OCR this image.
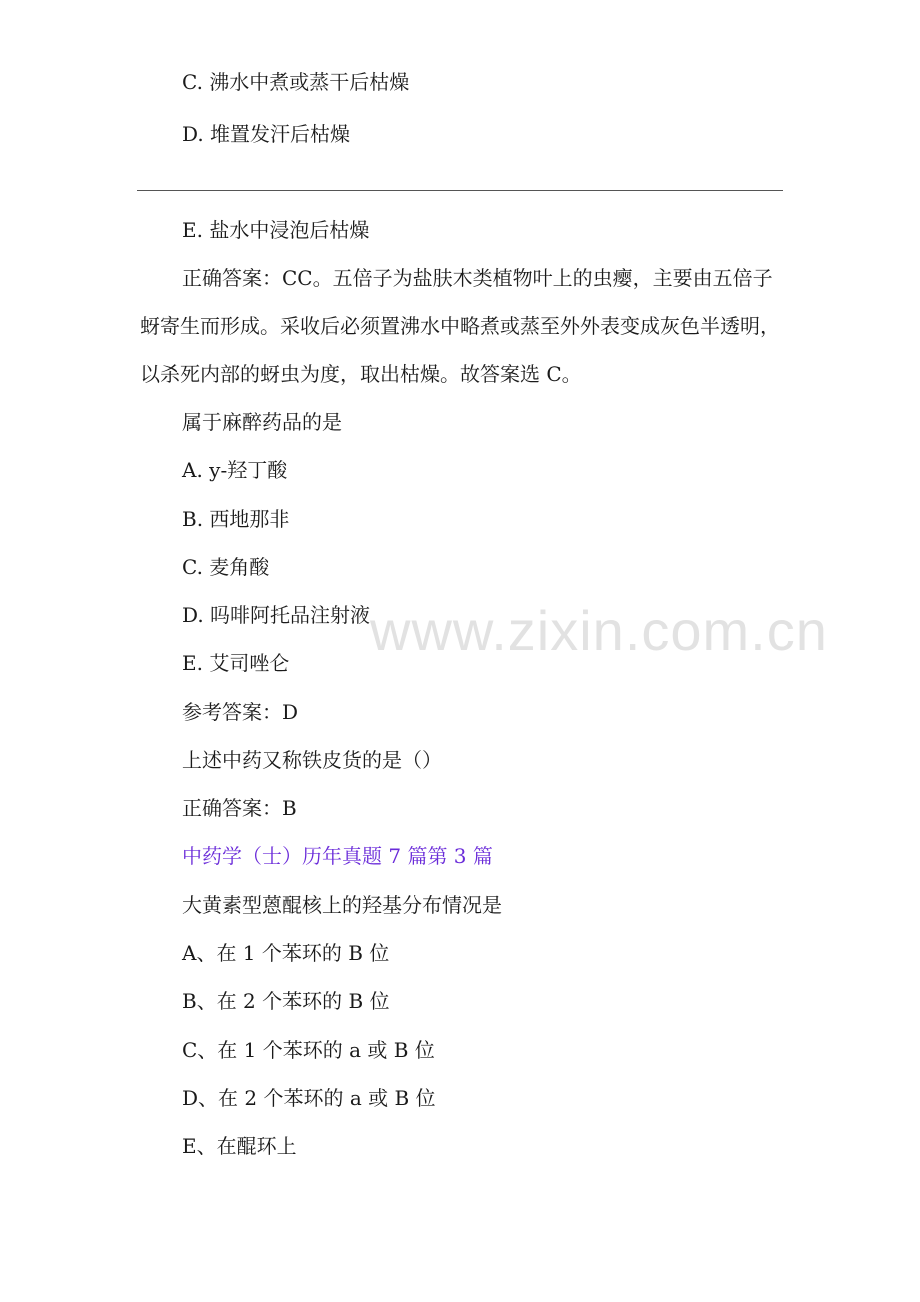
C. 沸水中煮或蒸干后枯燥
D. 堆置发汗后枯燥
E. 盐水中浸泡后枯燥
正确答案：CC。五倍子为盐肤木类植物叶上的虫瘿，主要由五倍子蚜寄生而形成。采收后必须置沸水中略煮或蒸至外外表变成灰色半透明，以杀死内部的蚜虫为度，取出枯燥。故答案选 C。
属于麻醉药品的是
A. y-羟丁酸
B. 西地那非
C. 麦角酸
D. 吗啡阿托品注射液
E. 艾司唑仑
参考答案：D
上述中药又称铁皮货的是（）
正确答案：B
中药学（士）历年真题 7 篇第 3 篇
大黄素型蒽醌核上的羟基分布情况是
A、在 1 个苯环的 B 位
B、在 2 个苯环的 B 位
C、在 1 个苯环的 a 或 B 位
D、在 2 个苯环的 a 或 B 位
E、在醌环上
www.zixin.com.cn
